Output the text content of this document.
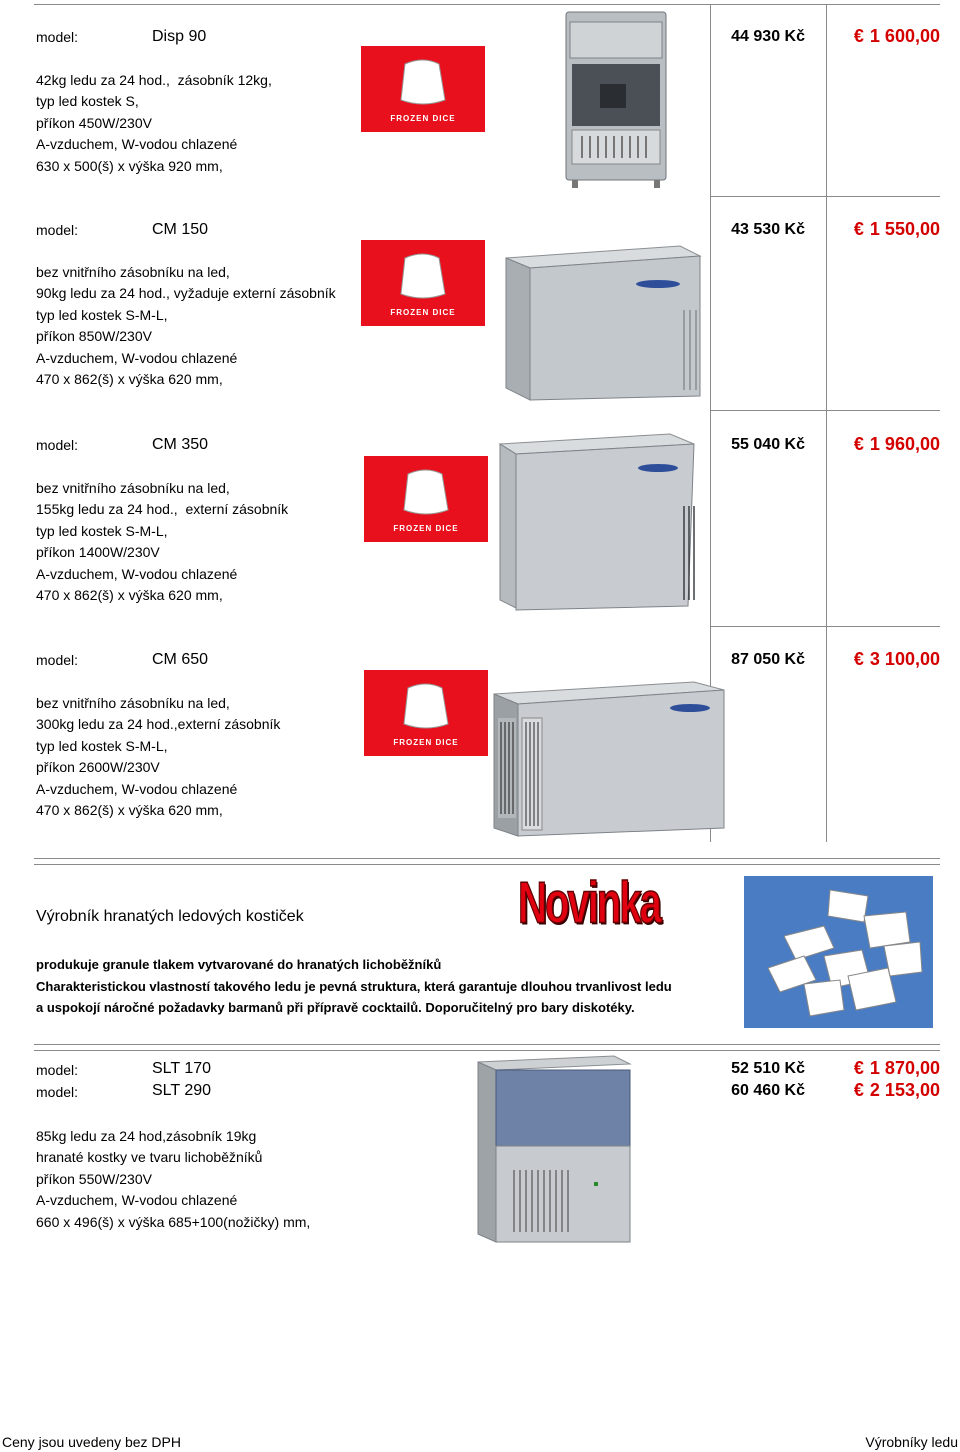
model:	Disp 90	44 930 Kč	€ 1 600,00
42kg ledu za 24 hod.,  zásobník 12kg,
typ led kostek S,
příkon 450W/230V
A-vzduchem, W-vodou chlazené
630 x 500(š) x výška 920 mm,
FROZEN DICE
model:	CM 150	43 530 Kč	€ 1 550,00
bez vnitřního zásobníku na led,
90kg ledu za 24 hod., vyžaduje externí zásobník
typ led kostek S-M-L,
příkon 850W/230V
A-vzduchem, W-vodou chlazené
470 x 862(š) x výška 620 mm,
FROZEN DICE
model:	CM 350	55 040 Kč	€ 1 960,00
bez vnitřního zásobníku na led,
155kg ledu za 24 hod.,  externí zásobník
typ led kostek S-M-L,
příkon 1400W/230V
A-vzduchem, W-vodou chlazené
470 x 862(š) x výška 620 mm,
FROZEN DICE
model:	CM 650	87 050 Kč	€ 3 100,00
bez vnitřního zásobníku na led,
300kg ledu za 24 hod.,externí zásobník
typ led kostek S-M-L,
příkon 2600W/230V
A-vzduchem, W-vodou chlazené
470 x 862(š) x výška 620 mm,
FROZEN DICE
Výrobník hranatých ledových kostiček	Novinka
produkuje granule tlakem vytvarované do hranatých lichoběžníků
Charakteristickou vlastností takového ledu je pevná struktura, která garantuje dlouhou trvanlivost ledu
a uspokojí náročné požadavky barmanů při přípravě cocktailů. Doporučitelný pro bary diskotéky.
model:	SLT 170	52 510 Kč	€ 1 870,00
model:	SLT 290	60 460 Kč	€ 2 153,00
85kg ledu za 24 hod,zásobník 19kg
hranaté kostky ve tvaru lichoběžníků
příkon 550W/230V
A-vzduchem, W-vodou chlazené
660 x 496(š) x výška 685+100(nožičky) mm,
Ceny jsou uvedeny bez DPH	Výrobníky ledu
